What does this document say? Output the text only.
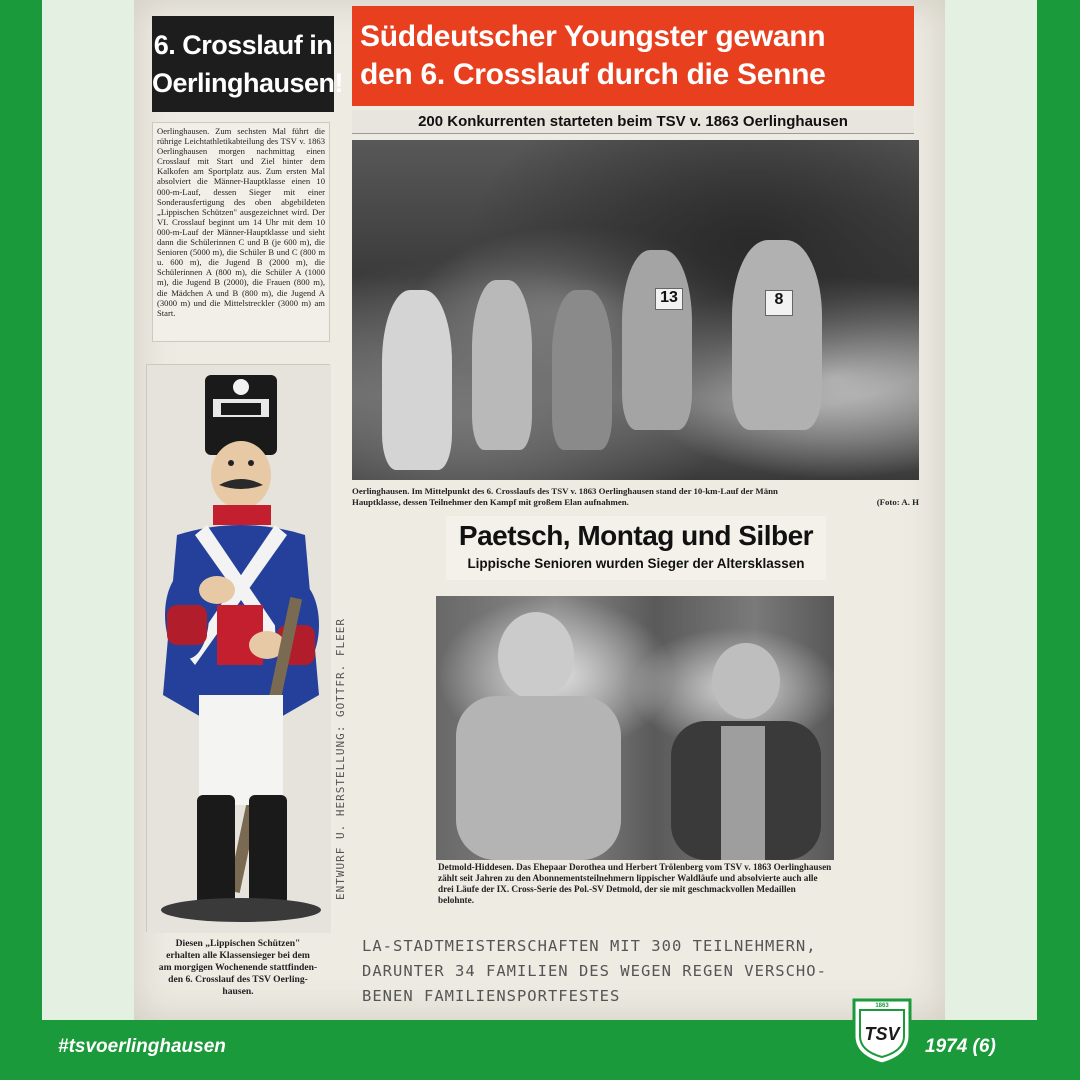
6. Crosslauf in
Oerlinghausen!
Oerlinghausen. Zum sechsten Mal führt die rührige Leichtathletikabteilung des TSV v. 1863 Oerlinghausen morgen nachmittag einen Crosslauf mit Start und Ziel hinter dem Kalkofen am Sportplatz aus. Zum ersten Mal absolviert die Männer-Hauptklasse einen 10 000-m-Lauf, dessen Sieger mit einer Sonderausfertigung des oben abgebildeten „Lippischen Schützen" ausgezeichnet wird. Der VI. Crosslauf beginnt um 14 Uhr mit dem 10 000-m-Lauf der Männer-Hauptklasse und sieht dann die Schülerinnen C und B (je 600 m), die Senioren (5000 m), die Schüler B und C (800 m u. 600 m), die Jugend B (2000 m), die Schülerinnen A (800 m), die Schüler A (1000 m), die Jugend B (2000), die Frauen (800 m), die Mädchen A und B (800 m), die Jugend A (3000 m) und die Mittelstreckler (3000 m) am Start.
Süddeutscher Youngster gewann
den 6. Crosslauf durch die Senne
200 Konkurrenten starteten beim TSV v. 1863 Oerlinghausen
13	8
Oerlinghausen. Im Mittelpunkt des 6. Crosslaufs des TSV v. 1863 Oerlinghausen stand der 10-km-Lauf der Männ
Hauptklasse, dessen Teilnehmer den Kampf mit großem Elan aufnahmen.	(Foto: A. H
Paetsch, Montag und Silber
Lippische Senioren wurden Sieger der Altersklassen
Detmold-Hiddesen. Das Ehepaar Dorothea und Herbert Trölenberg vom TSV v. 1863 Oerlinghausen zählt seit Jahren zu den Abonnementsteilnehmern lippischer Waldläufe und absolvierte auch alle drei Läufe der IX. Cross-Serie des Pol.-SV Detmold, der sie mit geschmackvollen Medaillen belohnte.
Diesen „Lippischen Schützen"
erhalten alle Klassensieger bei dem
am morgigen Wochenende stattfinden-
den 6. Crosslauf des TSV Oerling-
hausen.
ENTWURF U. HERSTELLUNG: GOTTFR. FLEER
LA-STADTMEISTERSCHAFTEN MIT 300 TEILNEHMERN,
DARUNTER 34 FAMILIEN DES WEGEN REGEN VERSCHO-
BENEN FAMILIENSPORTFESTES
#tsvoerlinghausen
1863
TSV
1974 (6)
